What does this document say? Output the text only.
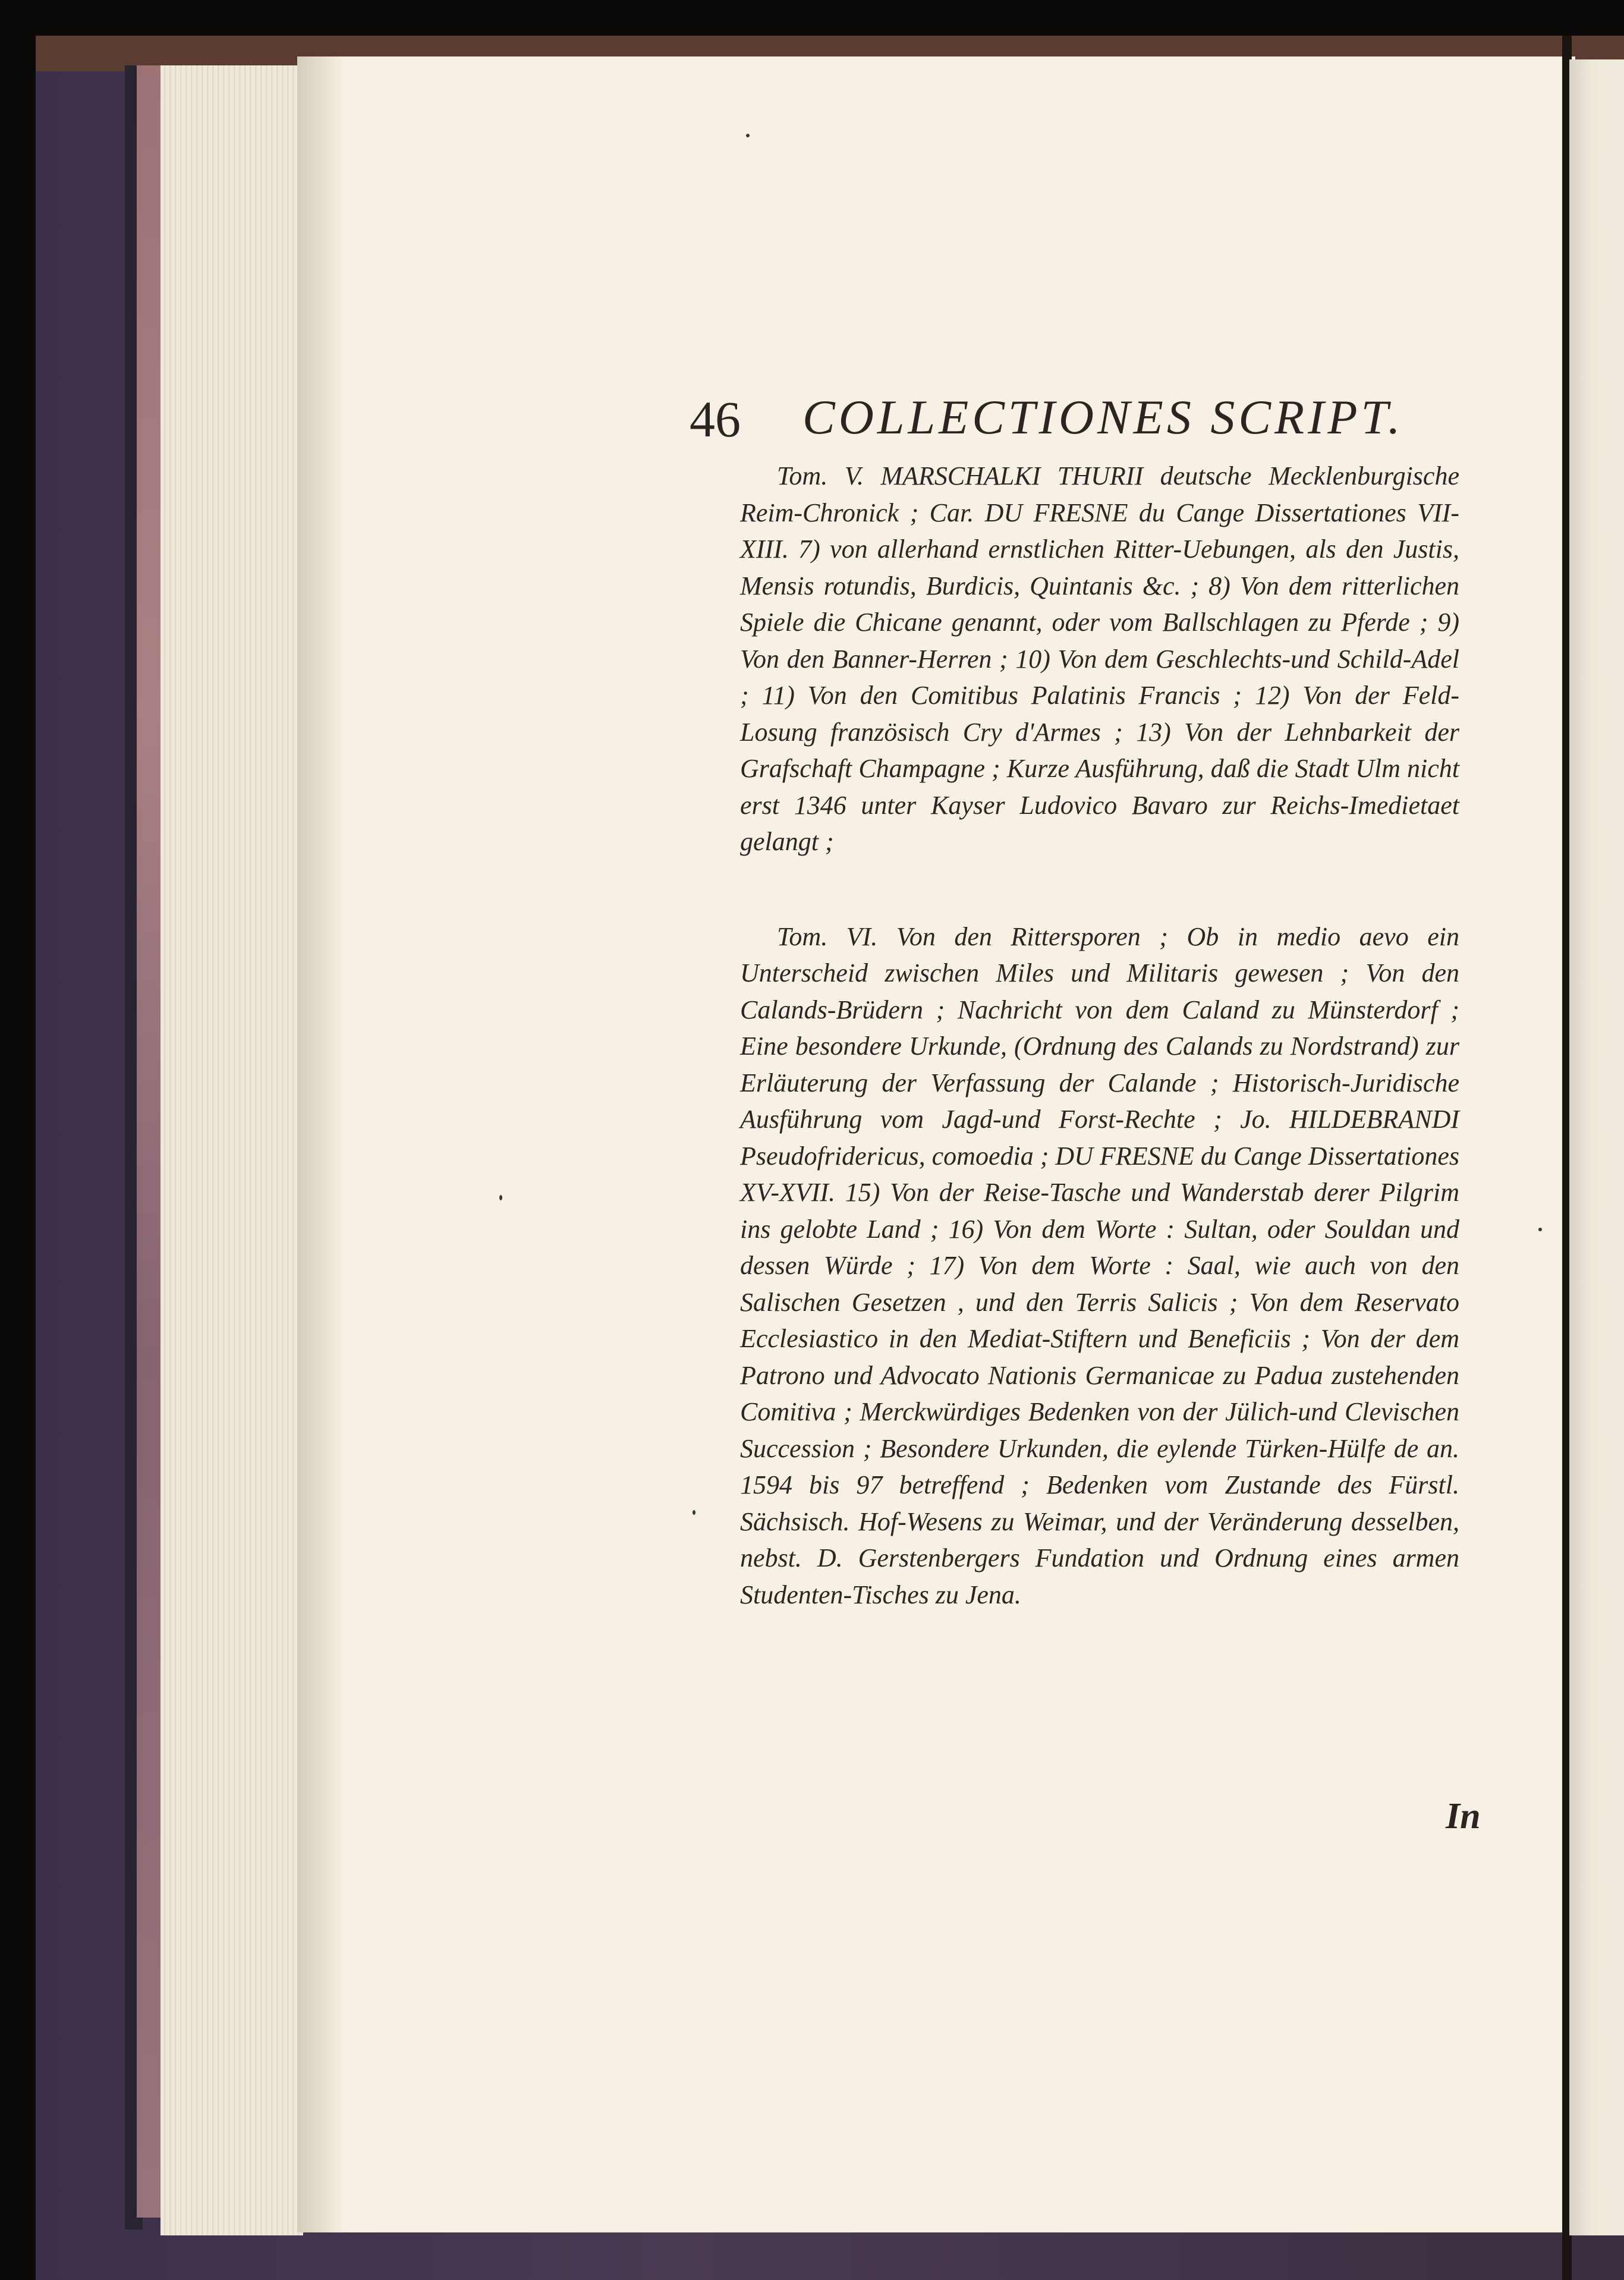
46 COLLECTIONES SCRIPT.

Tom. V. MARSCHALKI THURII deutsche Mecklenburgische Reim-Chronick ; Car. DU FRESNE du Cange Dissertationes VII-XIII. 7) von allerhand ernstlichen Ritter-Uebungen, als den Justis, Mensis rotundis, Burdicis, Quintanis &c. ; 8) Von dem ritterlichen Spiele die Chicane genannt, oder vom Ballschlagen zu Pferde ; 9) Von den Banner-Herren ; 10) Von dem Geschlechts-und Schild-Adel ; 11) Von den Comitibus Palatinis Francis ; 12) Von der Feld-Losung französisch Cry d'Armes ; 13) Von der Lehnbarkeit der Grafschaft Champagne ; Kurze Ausführung, daß die Stadt Ulm nicht erst 1346 unter Kayser Ludovico Bavaro zur Reichs-Imedietaet gelangt ;

Tom. VI. Von den Rittersporen ; Ob in medio aevo ein Unterscheid zwischen Miles und Militaris gewesen ; Von den Calands-Brüdern ; Nachricht von dem Caland zu Münsterdorf ; Eine besondere Urkunde, (Ordnung des Calands zu Nordstrand) zur Erläuterung der Verfassung der Calande ; Historisch-Juridische Ausführung vom Jagd-und Forst-Rechte ; Jo. HILDEBRANDI Pseudofridericus, comoedia ; DU FRESNE du Cange Dissertationes XV-XVII. 15) Von der Reise-Tasche und Wanderstab derer Pilgrim ins gelobte Land ; 16) Von dem Worte : Sultan, oder Souldan und dessen Würde ; 17) Von dem Worte : Saal, wie auch von den Salischen Gesetzen , und den Terris Salicis ; Von dem Reservato Ecclesiastico in den Mediat-Stiftern und Beneficiis ; Von der dem Patrono und Advocato Nationis Germanicae zu Padua zustehenden Comitiva ; Merckwürdiges Bedenken von der Jülich-und Clevischen Succession ; Besondere Urkunden, die eylende Türken-Hülfe de an. 1594 bis 97 betreffend ; Bedenken vom Zustande des Fürstl. Sächsisch. Hof-Wesens zu Weimar, und der Veränderung desselben, nebst. D. Gerstenbergers Fundation und Ordnung eines armen Studenten-Tisches zu Jena.

In
